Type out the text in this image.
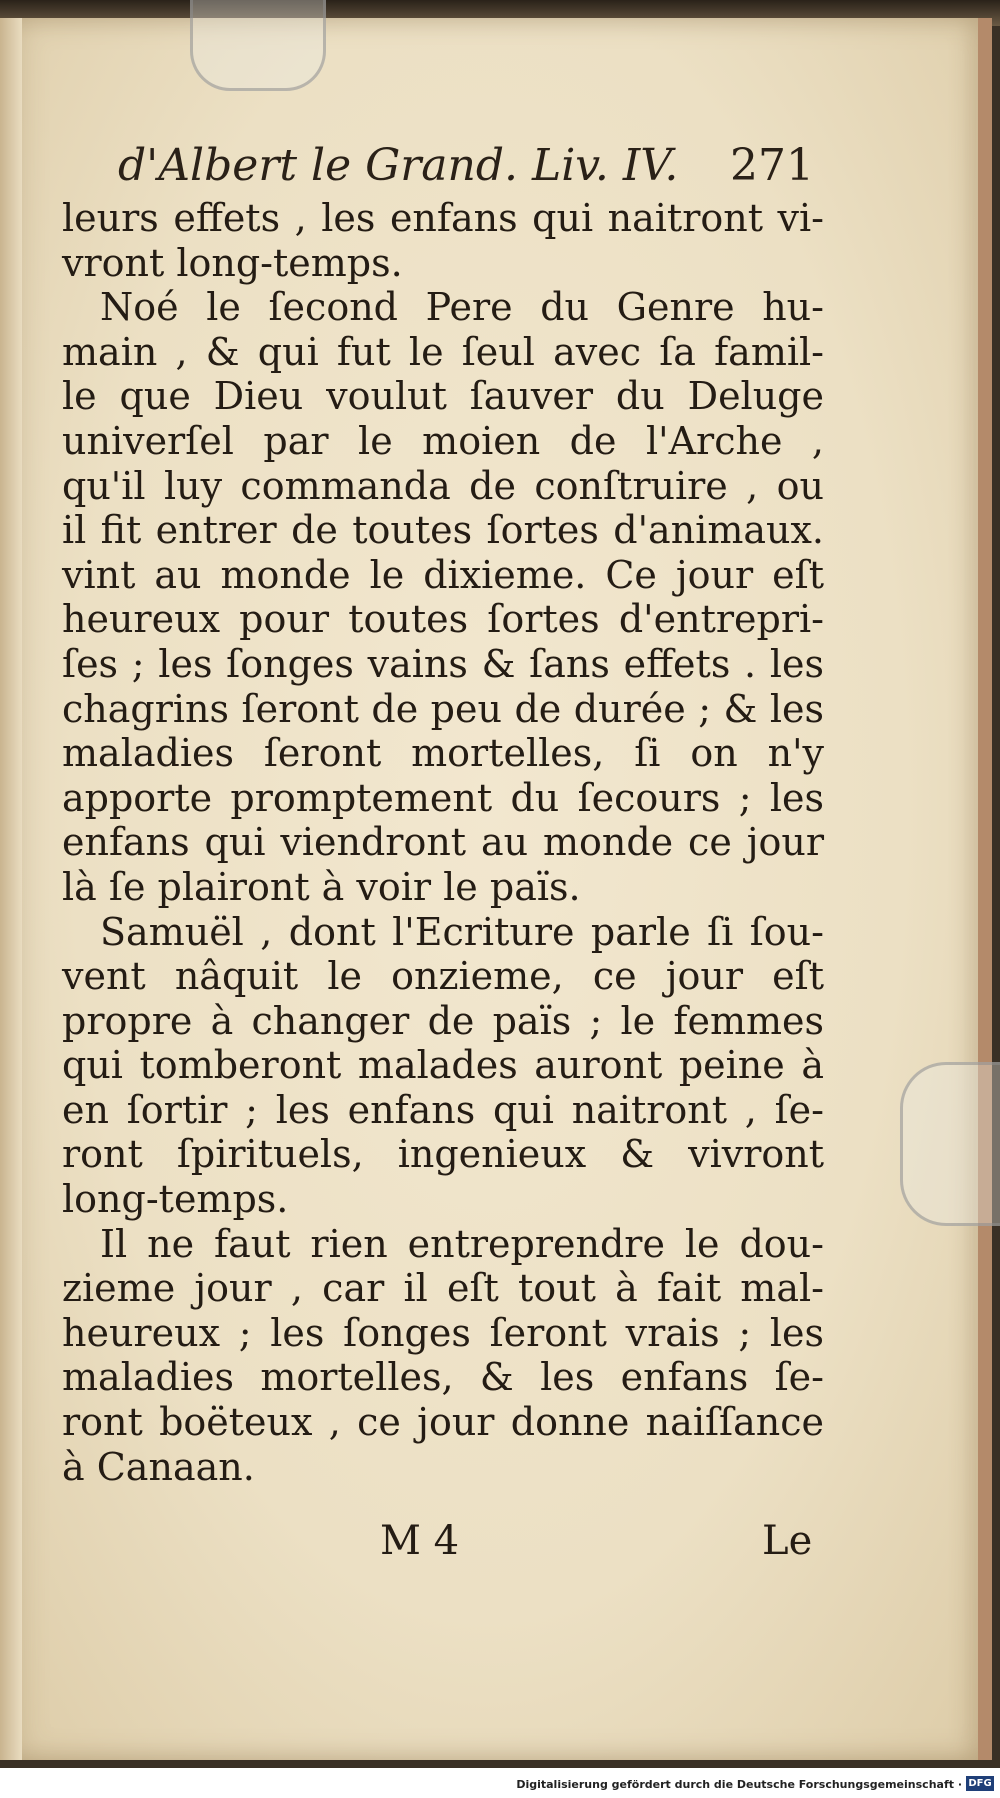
d'Albert le Grand. Liv. IV.	271
leurs effets , les enfans qui naitront vi-
vront long-temps.
Noé le ſecond Pere du Genre hu-
main , & qui fut le ſeul avec ſa famil-
le que Dieu voulut ſauver du Deluge
univerſel par le moien de l'Arche ,
qu'il luy commanda de conſtruire , ou
il fit entrer de toutes ſortes d'animaux.
vint au monde le dixieme. Ce jour eſt
heureux pour toutes ſortes d'entrepri-
ſes ; les ſonges vains & ſans effets . les
chagrins ſeront de peu de durée ; & les
maladies ſeront mortelles, ſi on n'y
apporte promptement du ſecours ; les
enfans qui viendront au monde ce jour
là ſe plairont à voir le païs.
Samuël , dont l'Ecriture parle ſi ſou-
vent nâquit le onzieme, ce jour eſt
propre à changer de païs ; le femmes
qui tomberont malades auront peine à
en ſortir ; les enfans qui naitront , ſe-
ront ſpirituels, ingenieux & vivront
long-temps.
Il ne faut rien entreprendre le dou-
zieme jour , car il eſt tout à fait mal-
heureux ; les ſonges ſeront vrais ; les
maladies mortelles, & les enfans ſe-
ront boëteux , ce jour donne naiſſance
à Canaan.
M 4	Le
Digitalisierung gefördert durch die Deutsche Forschungsgemeinschaft · DFG
